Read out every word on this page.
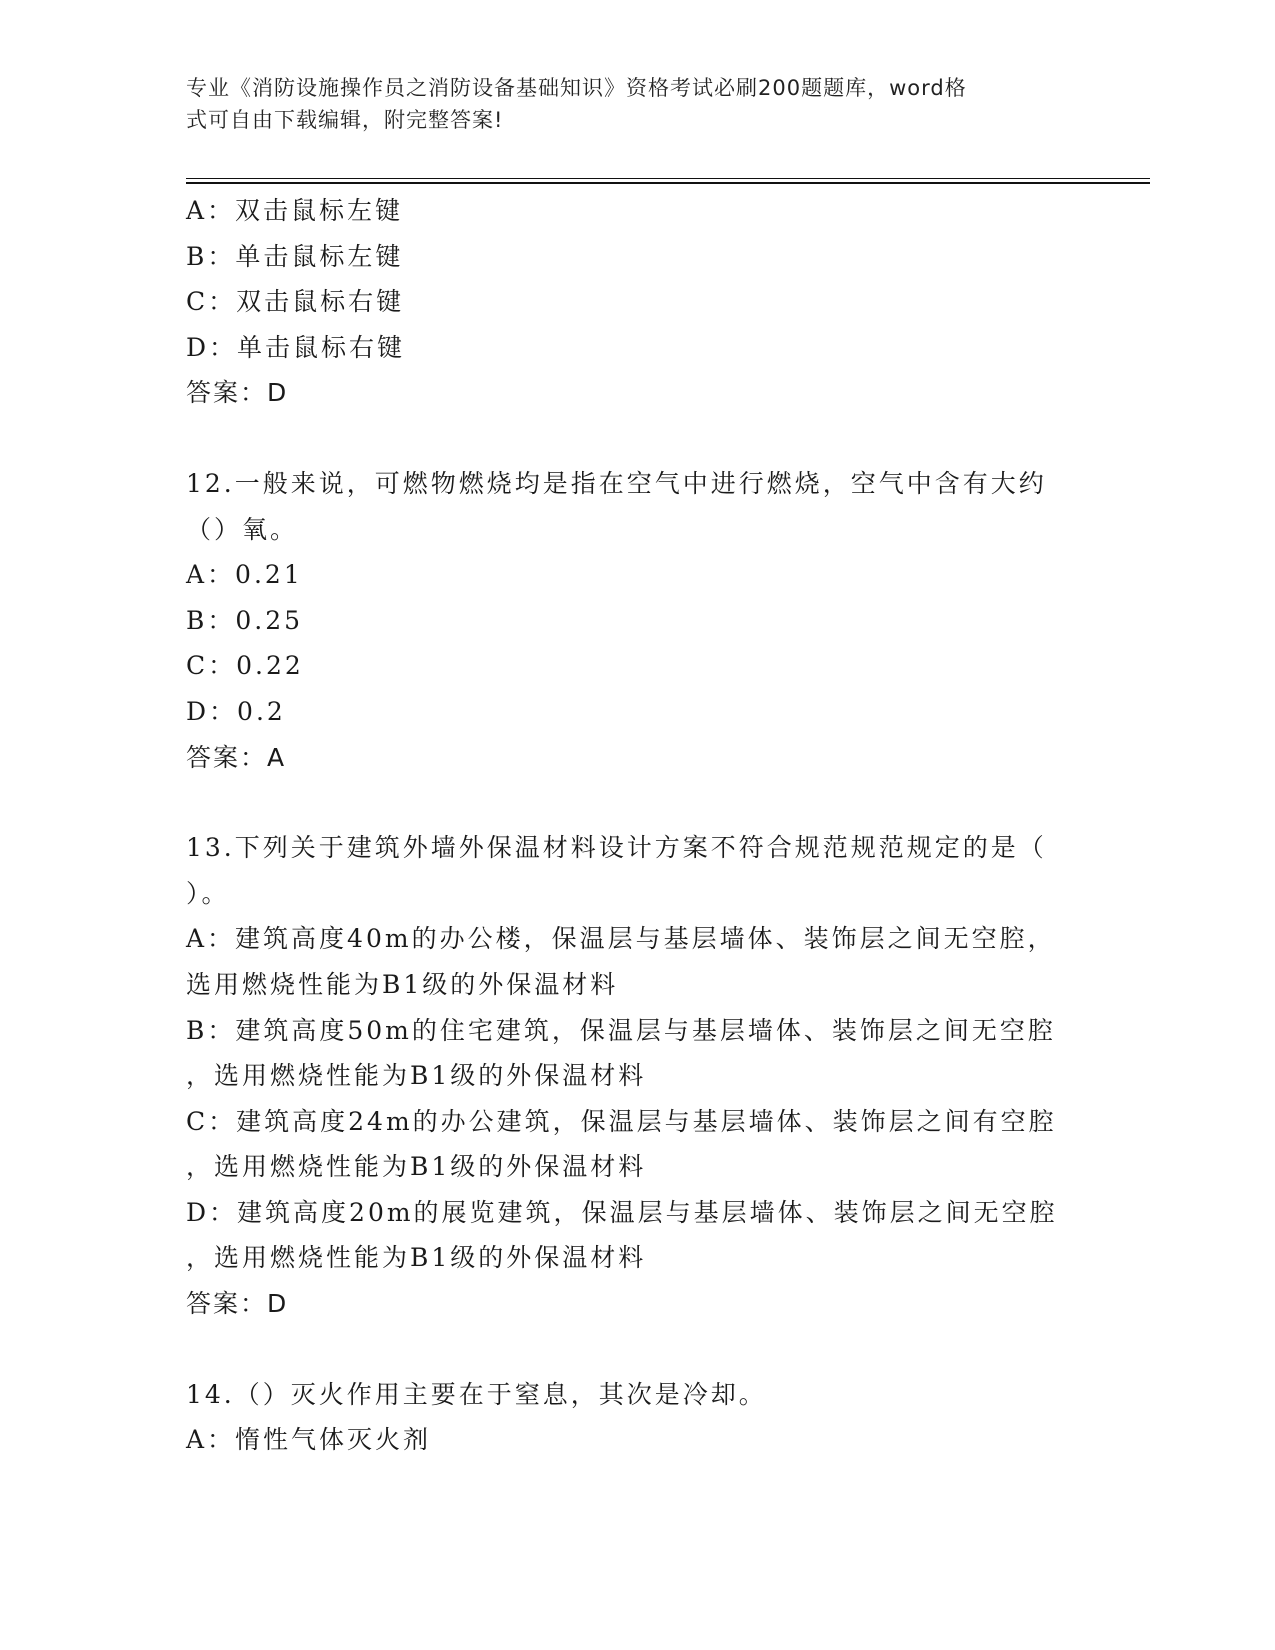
专业《消防设施操作员之消防设备基础知识》资格考试必刷200题题库，word格
式可自由下载编辑，附完整答案!
A：双击鼠标左键
B：单击鼠标左键
C：双击鼠标右键
D：单击鼠标右键
答案：D
12.一般来说，可燃物燃烧均是指在空气中进行燃烧，空气中含有大约
（）氧。
A：0.21
B：0.25
C：0.22
D：0.2
答案：A
13.下列关于建筑外墙外保温材料设计方案不符合规范规范规定的是（
）。
A：建筑高度40m的办公楼，保温层与基层墙体、装饰层之间无空腔，
选用燃烧性能为B1级的外保温材料
B：建筑高度50m的住宅建筑，保温层与基层墙体、装饰层之间无空腔
，选用燃烧性能为B1级的外保温材料
C：建筑高度24m的办公建筑，保温层与基层墙体、装饰层之间有空腔
，选用燃烧性能为B1级的外保温材料
D：建筑高度20m的展览建筑，保温层与基层墙体、装饰层之间无空腔
，选用燃烧性能为B1级的外保温材料
答案：D
14.（）灭火作用主要在于窒息，其次是冷却。
A：惰性气体灭火剂
